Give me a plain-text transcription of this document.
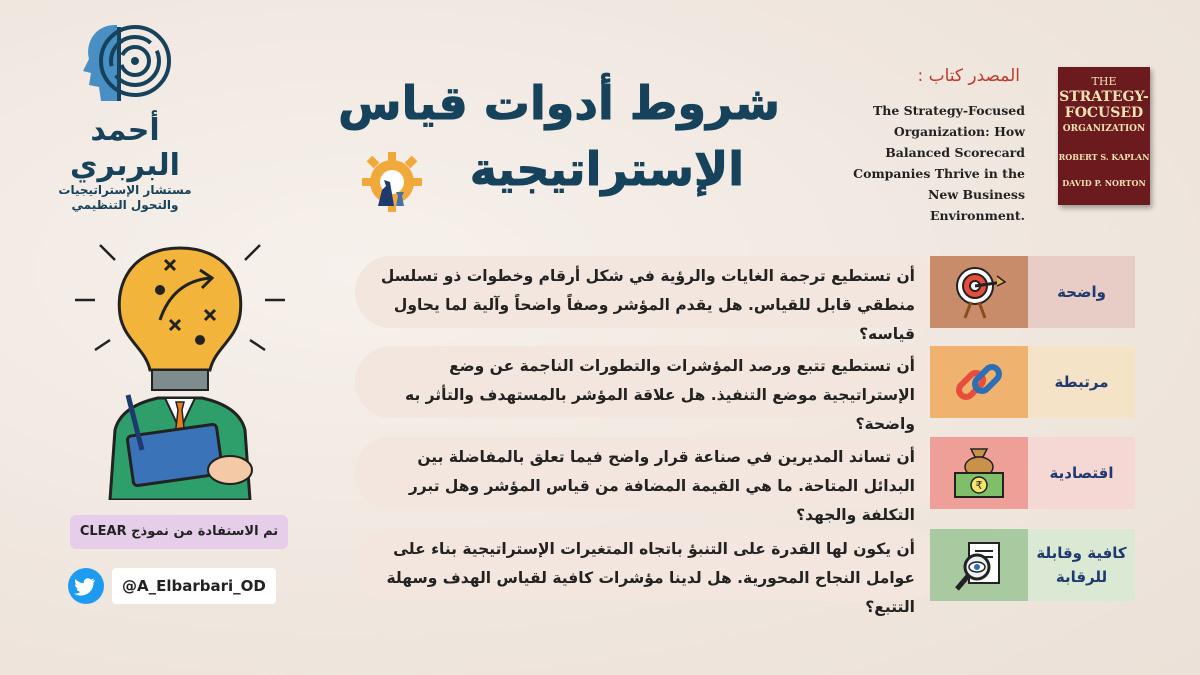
أحمد البربري
مستشار الإستراتيجيات
والتحول التنظيمي
شروط أدوات قياس
الإستراتيجية
المصدر كتاب :
The Strategy-Focused Organization: How Balanced Scorecard Companies Thrive in the New Business Environment.
THE
STRATEGY-
FOCUSED
ORGANIZATION
ROBERT S. KAPLAN
DAVID P. NORTON
أن تستطيع ترجمة الغايات والرؤية في شكل أرقام وخطوات ذو تسلسل منطقي قابل للقياس. هل يقدم المؤشر وصفاً واضحاً وآلية لما يحاول قياسه؟
واضحة
أن تستطيع تتبع ورصد المؤشرات والتطورات الناجمة عن وضع الإستراتيجية موضع التنفيذ. هل علاقة المؤشر بالمستهدف والتأثر به واضحة؟
مرتبطة
أن تساند المديرين في صناعة قرار واضح فيما تعلق بالمفاضلة بين البدائل المتاحة. ما هي القيمة المضافة من قياس المؤشر وهل تبرر التكلفة والجهد؟
₹
اقتصادية
أن يكون لها القدرة على التنبؤ باتجاه المتغيرات الإستراتيجية بناء على عوامل النجاح المحورية. هل لدينا مؤشرات كافية لقياس الهدف وسهلة التتبع؟
كافية وقابلة للرقابة
تم الاستفادة من نموذج CLEAR
@A_Elbarbari_OD
